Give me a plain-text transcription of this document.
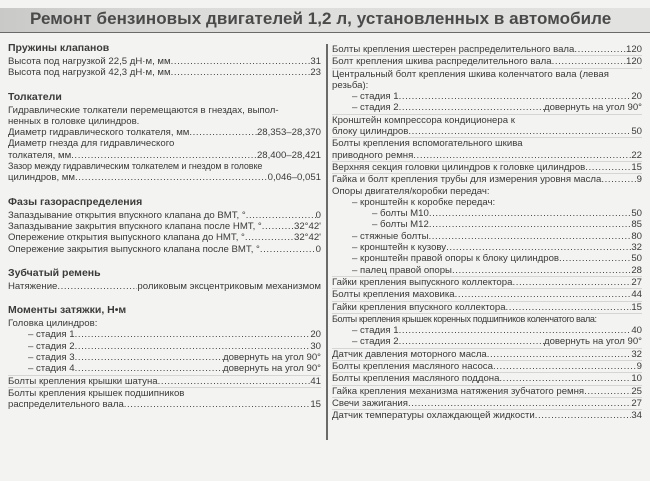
Ремонт бензиновых двигателей 1,2 л, установленных в автомобиле
Пружины клапанов
Высота под нагрузкой 22,5 дН·м, мм .....	31
Высота под нагрузкой 42,3 дН·м, мм .....	23
Толкатели
Гидравлические толкатели перемещаются в гнездах, выпол-
ненных в головке цилиндров.
Диаметр гидравлического толкателя, мм .....	28,353–28,370
Диаметр гнезда для гидравлического
толкателя, мм .....	28,400–28,421
Зазор между гидравлическим толкателем и гнездом в головке
цилиндров, мм .....	0,046–0,051
Фазы газораспределения
Запаздывание открытия впускного клапана до ВМТ, ° .....	0
Запаздывание закрытия впускного клапана после НМТ, ° .....	32°42'
Опережение открытия выпускного клапана до НМТ, ° .....	32°42'
Опережение закрытия выпускного клапана после ВМТ, ° .....	0
Зубчатый ремень
Натяжение .....	роликовым эксцентриковым механизмом
Моменты затяжки, Н•м
Головка цилиндров:
– стадия 1 .....	20
– стадия 2 .....	30
– стадия 3 .....	довернуть на угол 90°
– стадия 4 .....	довернуть на угол 90°
Болты крепления крышки шатуна .....	41
Болты крепления крышек подшипников
распределительного вала .....	15
Болты крепления шестерен распределительного вала .....	120
Болт крепления шкива распределительного вала .....	120
Центральный болт крепления шкива коленчатого вала (левая
резьба):
– стадия 1 .....	20
– стадия 2 .....	довернуть на угол 90°
Кронштейн компрессора кондиционера к
блоку цилиндров .....	50
Болты крепления вспомогательного шкива
приводного ремня .....	22
Верхняя секция головки цилиндров к головке цилиндров .....	15
Гайка и болт крепления трубы для измерения уровня масла .....	9
Опоры двигателя/коробки передач:
– кронштейн к коробке передач:
– болты М10 .....	50
– болты М12 .....	85
– стяжные болты .....	80
– кронштейн к кузову .....	32
– кронштейн правой опоры к блоку цилиндров .....	50
– палец правой опоры .....	28
Гайки крепления выпускного коллектора .....	27
Болты крепления маховика .....	44
Гайки крепления впускного коллектора .....	15
Болты крепления крышек коренных подшипников коленчатого вала:
– стадия 1 .....	40
– стадия 2 .....	довернуть на угол 90°
Датчик давления моторного масла .....	32
Болты крепления масляного насоса .....	9
Болты крепления масляного поддона .....	10
Гайка крепления механизма натяжения зубчатого ремня .....	25
Свечи зажигания .....	27
Датчик температуры охлаждающей жидкости .....	34
